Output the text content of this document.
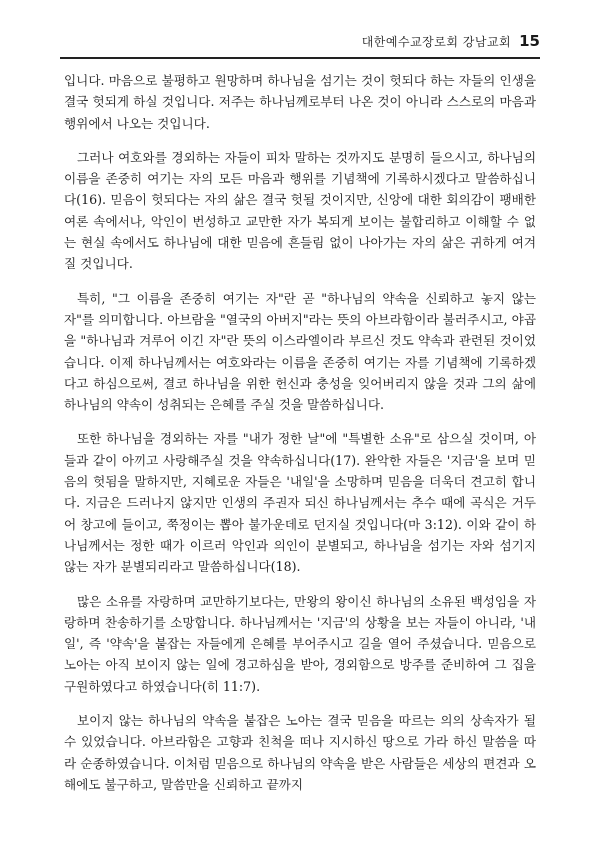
대한예수교장로회 강남교회 15

입니다. 마음으로 불평하고 원망하며 하나님을 섬기는 것이 헛되다 하는 자들의 인생을 결국 헛되게 하실 것입니다. 저주는 하나님께로부터 나온 것이 아니라 스스로의 마음과 행위에서 나오는 것입니다.

그러나 여호와를 경외하는 자들이 피차 말하는 것까지도 분명히 들으시고, 하나님의 이름을 존중히 여기는 자의 모든 마음과 행위를 기념책에 기록하시겠다고 말씀하십니다(16). 믿음이 헛되다는 자의 삶은 결국 헛될 것이지만, 신앙에 대한 회의감이 팽배한 여론 속에서나, 악인이 번성하고 교만한 자가 복되게 보이는 불합리하고 이해할 수 없는 현실 속에서도 하나님에 대한 믿음에 흔들림 없이 나아가는 자의 삶은 귀하게 여겨질 것입니다.

특히, "그 이름을 존중히 여기는 자"란 곧 "하나님의 약속을 신뢰하고 놓지 않는 자"를 의미합니다. 아브람을 "열국의 아버지"라는 뜻의 아브라함이라 불러주시고, 야곱을 "하나님과 겨루어 이긴 자"란 뜻의 이스라엘이라 부르신 것도 약속과 관련된 것이었습니다. 이제 하나님께서는 여호와라는 이름을 존중히 여기는 자를 기념책에 기록하겠다고 하심으로써, 결코 하나님을 위한 헌신과 충성을 잊어버리지 않을 것과 그의 삶에 하나님의 약속이 성취되는 은혜를 주실 것을 말씀하십니다.

또한 하나님을 경외하는 자를 "내가 정한 날"에 "특별한 소유"로 삼으실 것이며, 아들과 같이 아끼고 사랑해주실 것을 약속하십니다(17). 완악한 자들은 '지금'을 보며 믿음의 헛됨을 말하지만, 지혜로운 자들은 '내일'을 소망하며 믿음을 더욱더 견고히 합니다. 지금은 드러나지 않지만 인생의 주권자 되신 하나님께서는 추수 때에 곡식은 거두어 창고에 들이고, 쭉정이는 뽑아 불가운데로 던지실 것입니다(마 3:12). 이와 같이 하나님께서는 정한 때가 이르러 악인과 의인이 분별되고, 하나님을 섬기는 자와 섬기지 않는 자가 분별되리라고 말씀하십니다(18).

많은 소유를 자랑하며 교만하기보다는, 만왕의 왕이신 하나님의 소유된 백성임을 자랑하며 찬송하기를 소망합니다. 하나님께서는 '지금'의 상황을 보는 자들이 아니라, '내일', 즉 '약속'을 붙잡는 자들에게 은혜를 부어주시고 길을 열어 주셨습니다. 믿음으로 노아는 아직 보이지 않는 일에 경고하심을 받아, 경외함으로 방주를 준비하여 그 집을 구원하였다고 하였습니다(히 11:7).

보이지 않는 하나님의 약속을 붙잡은 노아는 결국 믿음을 따르는 의의 상속자가 될 수 있었습니다. 아브라함은 고향과 친척을 떠나 지시하신 땅으로 가라 하신 말씀을 따라 순종하였습니다. 이처럼 믿음으로 하나님의 약속을 받은 사람들은 세상의 편견과 오해에도 불구하고, 말씀만을 신뢰하고 끝까지
